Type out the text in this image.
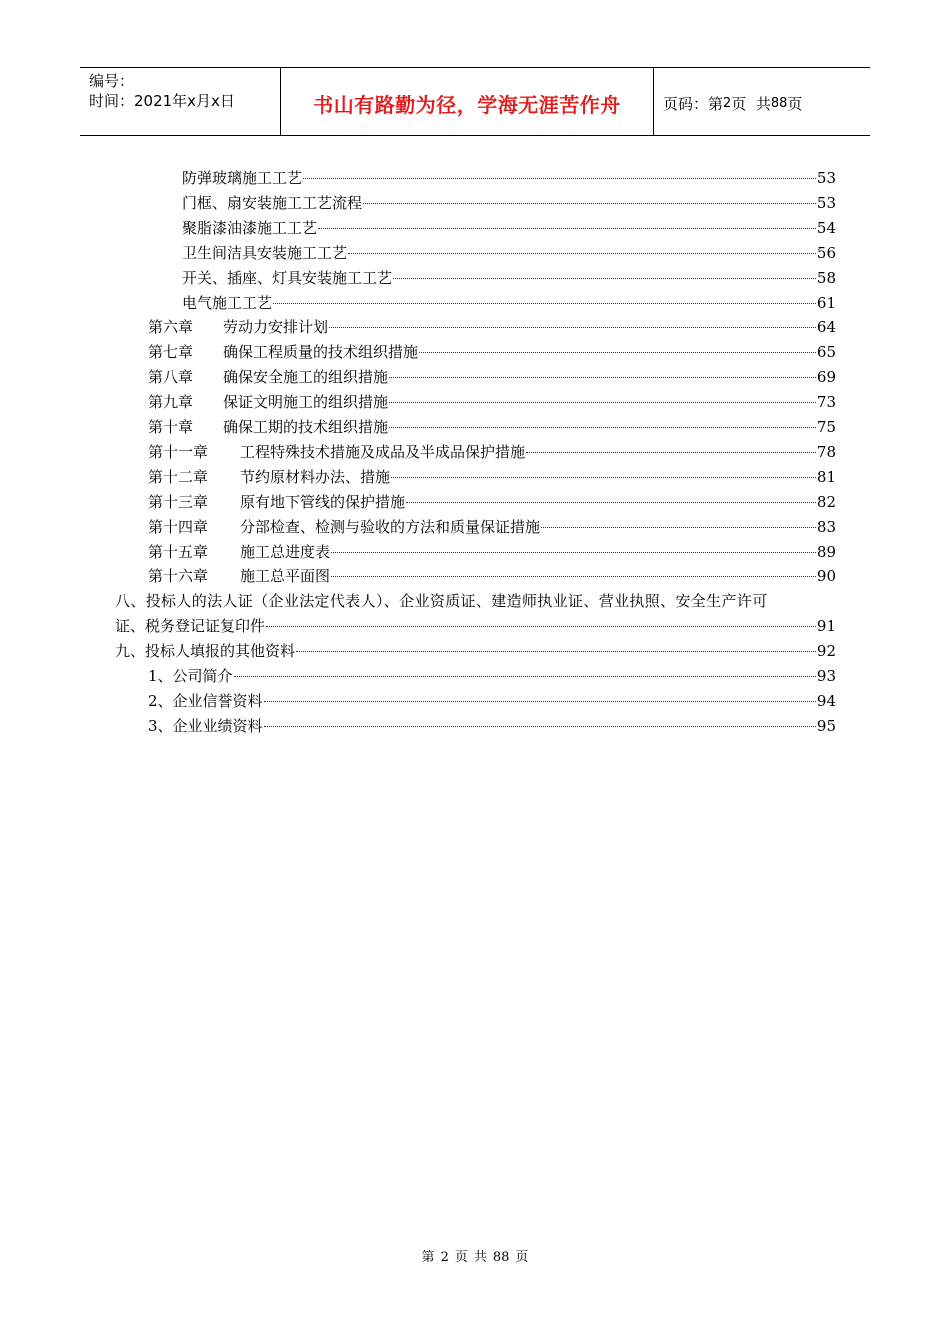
编号：
时间：2021年x月x日	书山有路勤为径，学海无涯苦作舟	页码：第 2 页  共 88 页
防弹玻璃施工工艺	53
门框、扇安装施工工艺流程	53
聚脂漆油漆施工工艺	54
卫生间洁具安装施工工艺	56
开关、插座、灯具安装施工工艺	58
电气施工工艺	61
第六章 劳动力安排计划	64
第七章 确保工程质量的技术组织措施	65
第八章 确保安全施工的组织措施	69
第九章 保证文明施工的组织措施	73
第十章 确保工期的技术组织措施	75
第十一章 工程特殊技术措施及成品及半成品保护措施	78
第十二章 节约原材料办法、措施	81
第十三章 原有地下管线的保护措施	82
第十四章 分部检查、检测与验收的方法和质量保证措施	83
第十五章 施工总进度表	89
第十六章 施工总平面图	90
八、投标人的法人证（企业法定代表人）、企业资质证、建造师执业证、营业执照、安全生产许可
证、税务登记证复印件	91
九、投标人填报的其他资料	92
1、公司简介	93
2、企业信誉资料	94
3、企业业绩资料	95
第 2 页 共 88 页
